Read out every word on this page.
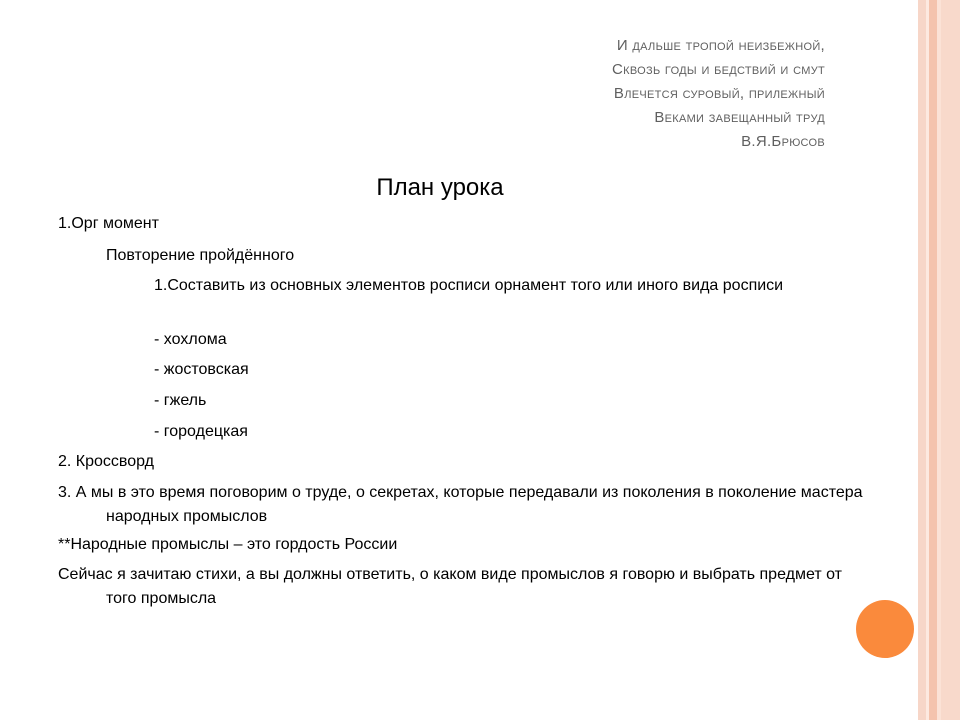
И дальше тропой неизбежной,
Сквозь годы и бедствий и смут
Влечется суровый, прилежный
Веками завещанный труд
В.Я.Брюсов
План урока

1.Орг момент

Повторение пройдённого

1.Составить из основных элементов росписи орнамент того или иного вида росписи

- хохлома

- жостовская

- гжель

- городецкая

2. Кроссворд

3. А мы в это время поговорим о труде, о секретах, которые передавали из поколения в поколение мастера народных промыслов

**Народные промыслы – это гордость России

Сейчас я зачитаю стихи, а вы должны ответить, о каком виде промыслов я говорю и выбрать предмет от того промысла
